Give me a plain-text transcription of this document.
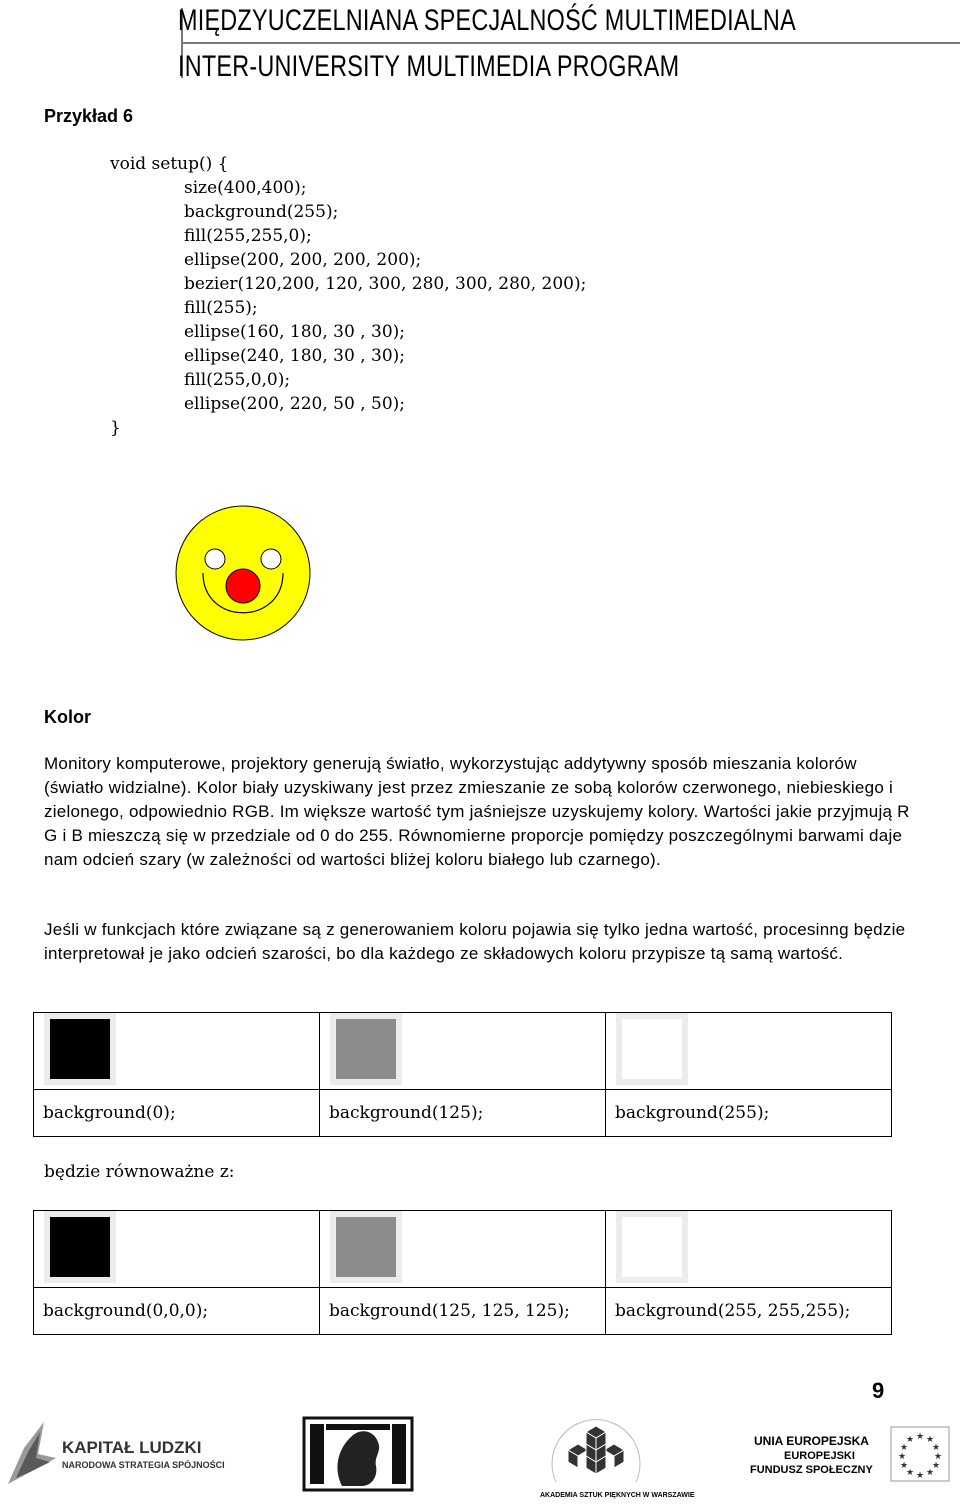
MIĘDZYUCZELNIANA SPECJALNOŚĆ MULTIMEDIALNA
INTER-UNIVERSITY MULTIMEDIA PROGRAM
Przykład 6
void setup() {
size(400,400);
background(255);
fill(255,255,0);
ellipse(200, 200, 200, 200);
bezier(120,200, 120, 300, 280, 300, 280, 200);
fill(255);
ellipse(160, 180, 30 , 30);
ellipse(240, 180, 30 , 30);
fill(255,0,0);
ellipse(200, 220, 50 , 50);
}
Kolor
Monitory komputerowe, projektory generują światło, wykorzystując addytywny sposób mieszania kolorów (światło widzialne). Kolor biały uzyskiwany jest przez zmieszanie ze sobą kolorów czerwonego, niebieskiego i zielonego, odpowiednio RGB. Im większe wartość tym jaśniejsze uzyskujemy kolory. Wartości jakie przyjmują R G i B mieszczą się w przedziale od 0 do 255. Równomierne proporcje pomiędzy poszczególnymi barwami daje nam odcień szary (w zależności od wartości bliżej koloru białego lub czarnego).
Jeśli w funkcjach które związane są z generowaniem koloru pojawia się tylko jedna wartość, procesinng będzie interpretował je jako odcień szarości, bo dla każdego ze składowych koloru przypisze tą samą wartość.

background(0);	background(125);	background(255);
będzie równoważne z:

background(0,0,0);	background(125, 125, 125);	background(255, 255,255);
9
KAPITAŁ LUDZKI
NARODOWA STRATEGIA SPÓJNOŚCI
AKADEMIA SZTUK PIĘKNYCH W WARSZAWIE
UNIA EUROPEJSKA
EUROPEJSKI
FUNDUSZ SPOŁECZNY
★ ★
★
★
★
★
★
★
★
★
★
★
